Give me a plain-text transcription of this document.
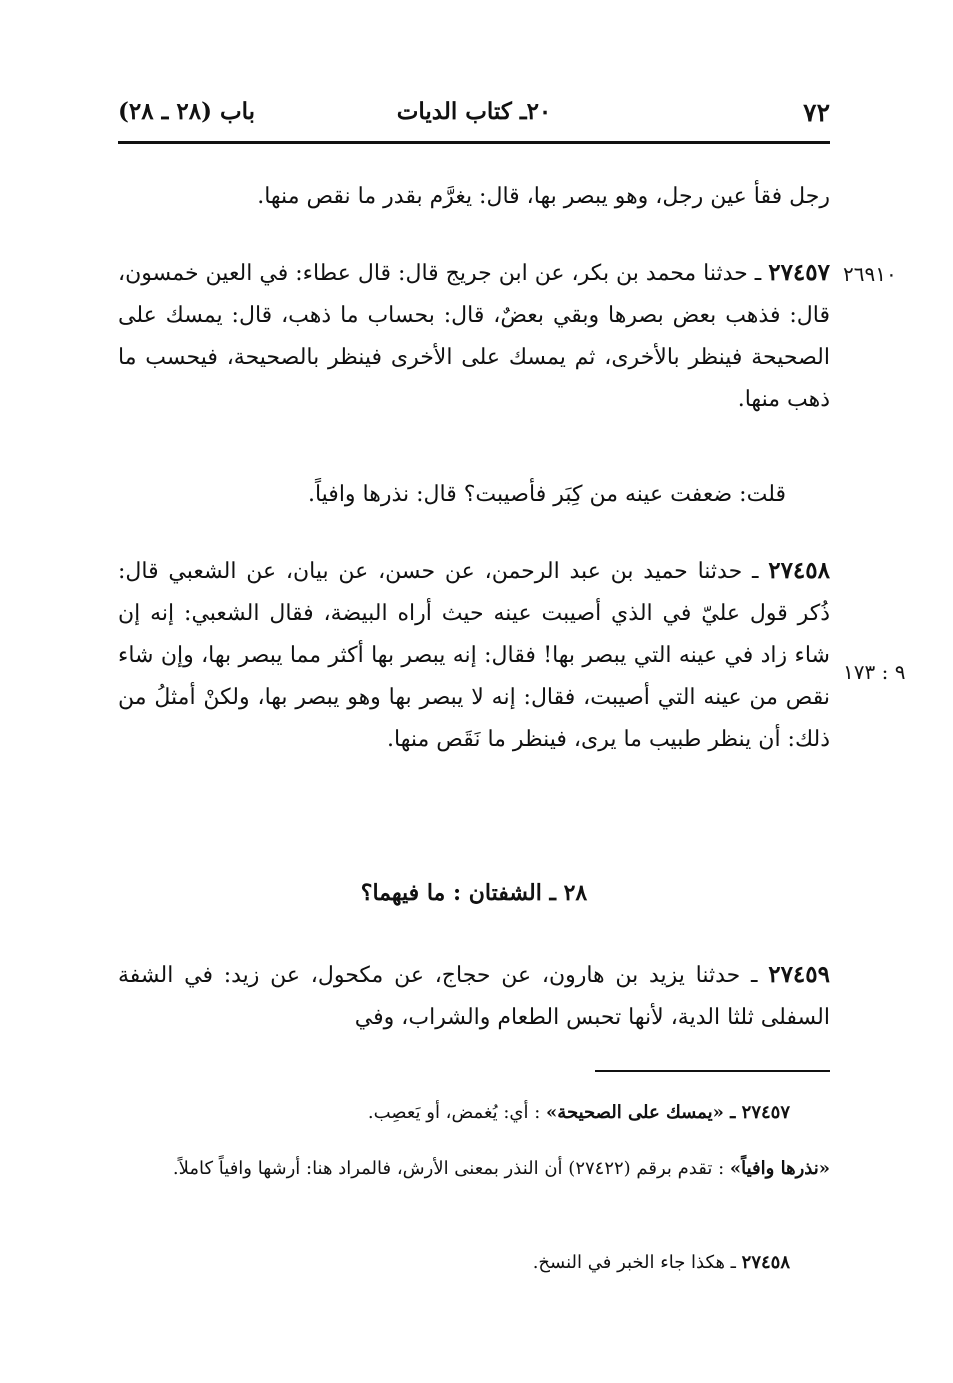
٧٢
٢٠ـ كتاب الديات
باب (٢٨ ـ ٢٨)
رجل فقأ عين رجل، وهو يبصر بها، قال: يغرَّم بقدر ما نقص منها.
٢٦٩١٠
٢٧٤٥٧ ـ حدثنا محمد بن بكر، عن ابن جريج قال: قال عطاء: في العين خمسون، قال: فذهب بعض بصرها وبقي بعضٌ، قال: بحساب ما ذهب، قال: يمسك على الصحيحة فينظر بالأخرى، ثم يمسك على الأخرى فينظر بالصحيحة، فيحسب ما ذهب منها.
قلت: ضعفت عينه من كِبَر فأصيبت؟ قال: نذرها وافياً.
٢٧٤٥٨ ـ حدثنا حميد بن عبد الرحمن، عن حسن، عن بيان، عن الشعبي قال: ذُكر قول عليّ في الذي أصيبت عينه حيث أراه البيضة، فقال الشعبي: إنه إن شاء زاد في عينه التي يبصر بها! فقال: إنه يبصر بها أكثر مما يبصر بها، وإن شاء نقص من عينه التي أصيبت، فقال: إنه لا يبصر بها وهو يبصر بها، ولكنْ أمثلُ من ذلك: أن ينظر طبيب ما يرى، فينظر ما نَقَص منها.
٩ : ١٧٣
٢٨ ـ الشفتان : ما فيهما؟
٢٧٤٥٩ ـ حدثنا يزيد بن هارون، عن حجاج، عن مكحول، عن زيد: في الشفة السفلى ثلثا الدية، لأنها تحبس الطعام والشراب، وفي
٢٧٤٥٧ ـ «يمسك على الصحيحة» : أي: يُغمض، أو يَعصِب.
«نذرها وافياً» : تقدم برقم (٢٧٤٢٢) أن النذر بمعنى الأرش، فالمراد هنا: أرشها وافياً كاملاً.
٢٧٤٥٨ ـ هكذا جاء الخبر في النسخ.
